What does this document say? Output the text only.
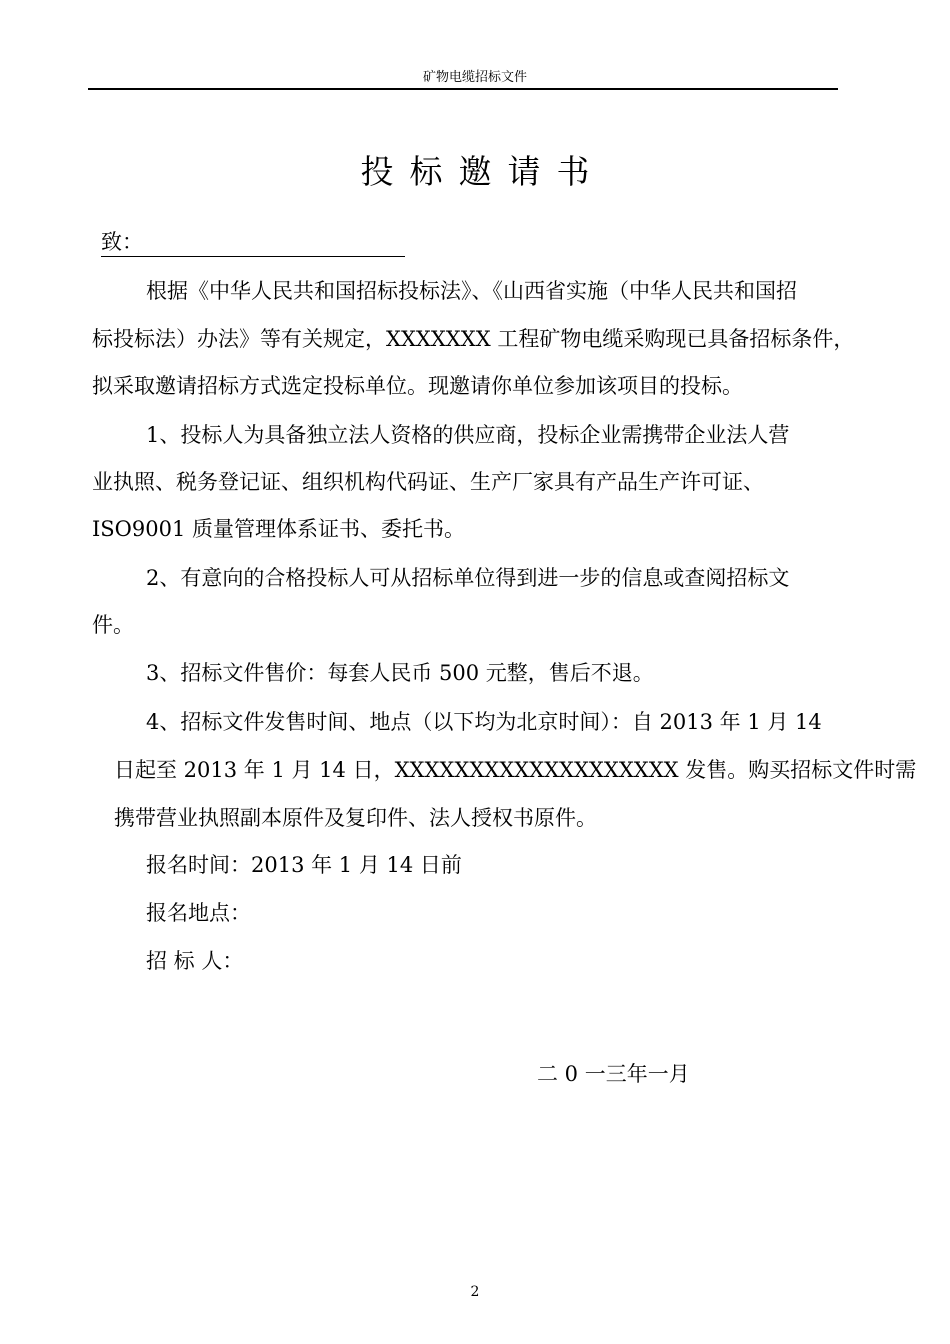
矿物电缆招标文件
投标邀请书
致：
根据《中华人民共和国招标投标法》、《山西省实施（中华人民共和国招
标投标法）办法》等有关规定，XXXXXXX 工程矿物电缆采购现已具备招标条件，
拟采取邀请招标方式选定投标单位。现邀请你单位参加该项目的投标。
1、投标人为具备独立法人资格的供应商，投标企业需携带企业法人营
业执照、税务登记证、组织机构代码证、生产厂家具有产品生产许可证、
ISO9001 质量管理体系证书、委托书。
2、有意向的合格投标人可从招标单位得到进一步的信息或查阅招标文
件。
3、招标文件售价：每套人民币 500 元整，售后不退。
4、招标文件发售时间、地点（以下均为北京时间）：自 2013 年 1 月 14
日起至 2013 年 1 月 14 日，XXXXXXXXXXXXXXXXXXX 发售。购买招标文件时需
携带营业执照副本原件及复印件、法人授权书原件。
报名时间：2013 年 1 月 14 日前
报名地点：
招 标 人：
二 0 一三年一月
2
